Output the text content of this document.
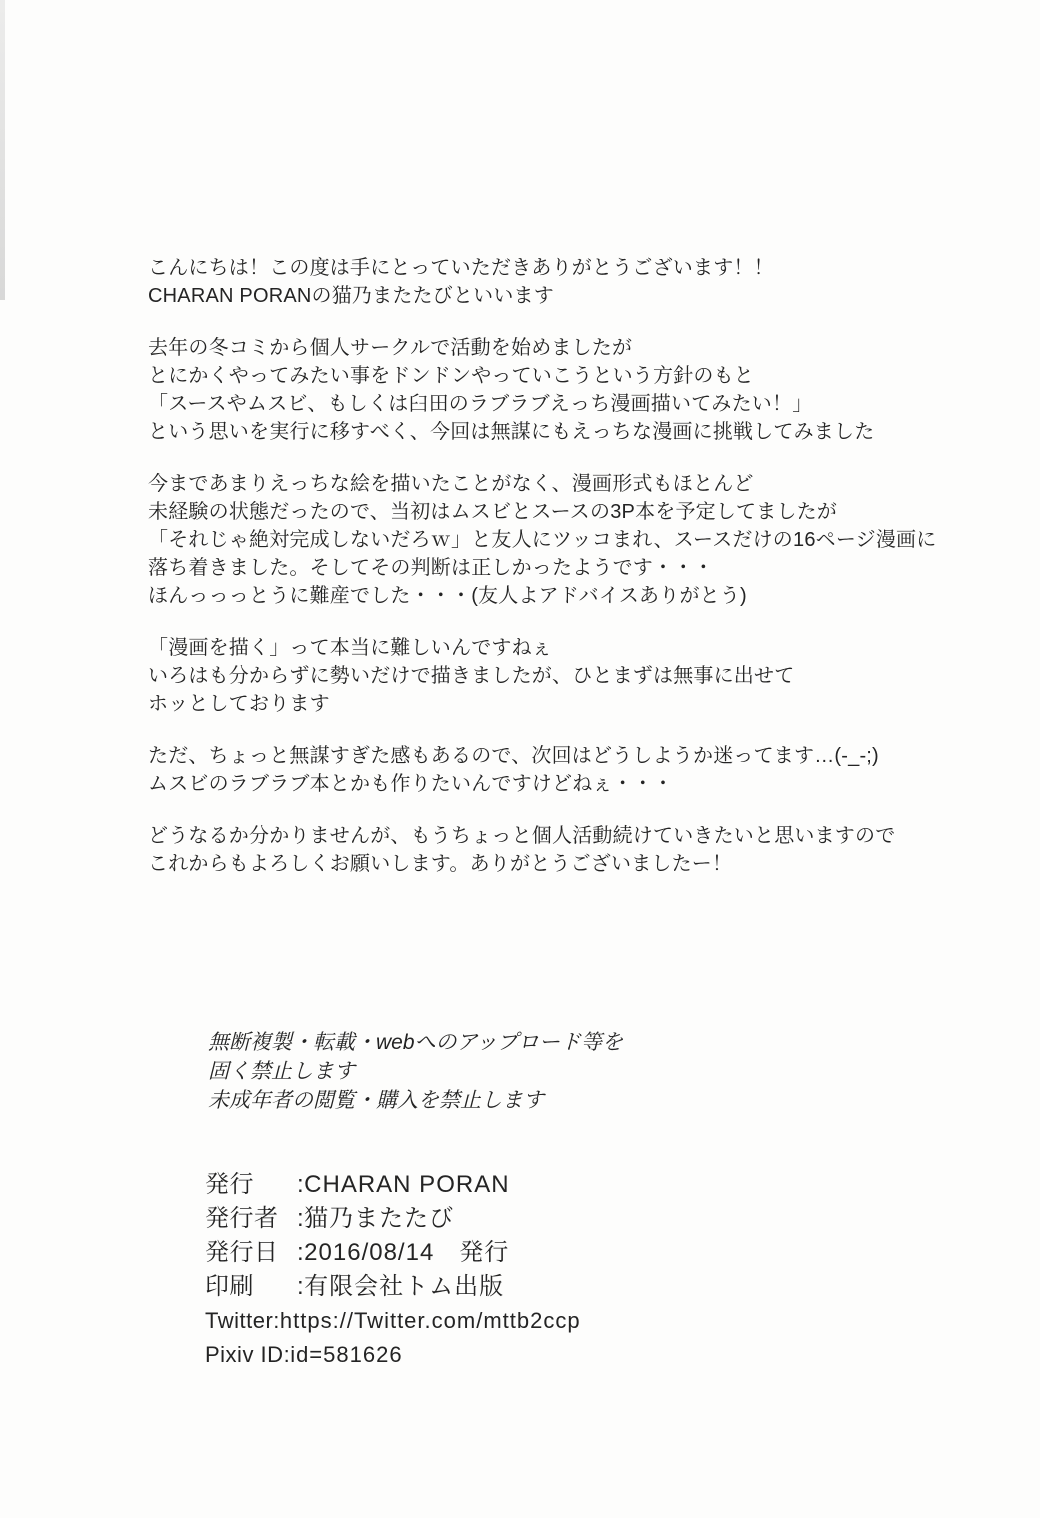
こんにちは！この度は手にとっていただきありがとうございます！！
CHARAN PORANの猫乃またたびといいます
去年の冬コミから個人サークルで活動を始めましたが
とにかくやってみたい事をドンドンやっていこうという方針のもと
「スースやムスビ、もしくは臼田のラブラブえっち漫画描いてみたい！」
という思いを実行に移すべく、今回は無謀にもえっちな漫画に挑戦してみました
今まであまりえっちな絵を描いたことがなく、漫画形式もほとんど
未経験の状態だったので、当初はムスビとスースの3P本を予定してましたが
「それじゃ絶対完成しないだろｗ」と友人にツッコまれ、スースだけの16ページ漫画に
落ち着きました。そしてその判断は正しかったようです・・・
ほんっっっとうに難産でした・・・(友人よアドバイスありがとう)
「漫画を描く」って本当に難しいんですねぇ
いろはも分からずに勢いだけで描きましたが、ひとまずは無事に出せて
ホッとしております
ただ、ちょっと無謀すぎた感もあるので、次回はどうしようか迷ってます…(-_-;)
ムスビのラブラブ本とかも作りたいんですけどねぇ・・・
どうなるか分かりませんが、もうちょっと個人活動続けていきたいと思いますので
これからもよろしくお願いします。ありがとうございましたー！
無断複製・転載・webへのアップロード等を
固く禁止します
未成年者の閲覧・購入を禁止します
発行	: CHARAN PORAN
発行者 : 猫乃またたび
発行日 : 2016/08/14　発行
印刷	: 有限会社トム出版
Twitter : https://Twitter.com/mttb2ccp
Pixiv ID : id=581626
